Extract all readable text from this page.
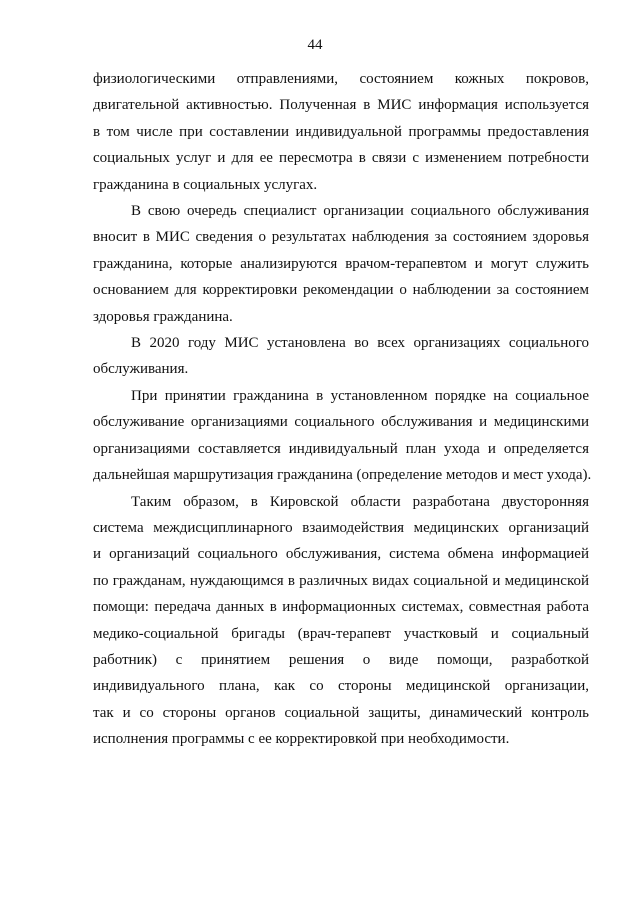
44
физиологическими отправлениями, состоянием кожных покровов,
двигательной активностью. Полученная в МИС информация используется
в том числе при составлении индивидуальной программы предоставления
социальных услуг и для ее пересмотра в связи с изменением потребности
гражданина в социальных услугах.
В свою очередь специалист организации социального обслуживания
вносит в МИС сведения о результатах наблюдения за состоянием здоровья
гражданина, которые анализируются врачом-терапевтом и могут служить
основанием для корректировки рекомендации о наблюдении за состоянием
здоровья гражданина.
В 2020 году МИС установлена во всех организациях социального
обслуживания.
При принятии гражданина в установленном порядке на социальное
обслуживание организациями социального обслуживания и медицинскими
организациями составляется индивидуальный план ухода и определяется
дальнейшая маршрутизация гражданина (определение методов и мест ухода).
Таким образом, в Кировской области разработана двусторонняя
система междисциплинарного взаимодействия медицинских организаций
и организаций социального обслуживания, система обмена информацией
по гражданам, нуждающимся в различных видах социальной и медицинской
помощи: передача данных в информационных системах, совместная работа
медико-социальной бригады (врач-терапевт участковый и социальный
работник) с принятием решения о виде помощи, разработкой
индивидуального плана, как со стороны медицинской организации,
так и со стороны органов социальной защиты, динамический контроль
исполнения программы с ее корректировкой при необходимости.
